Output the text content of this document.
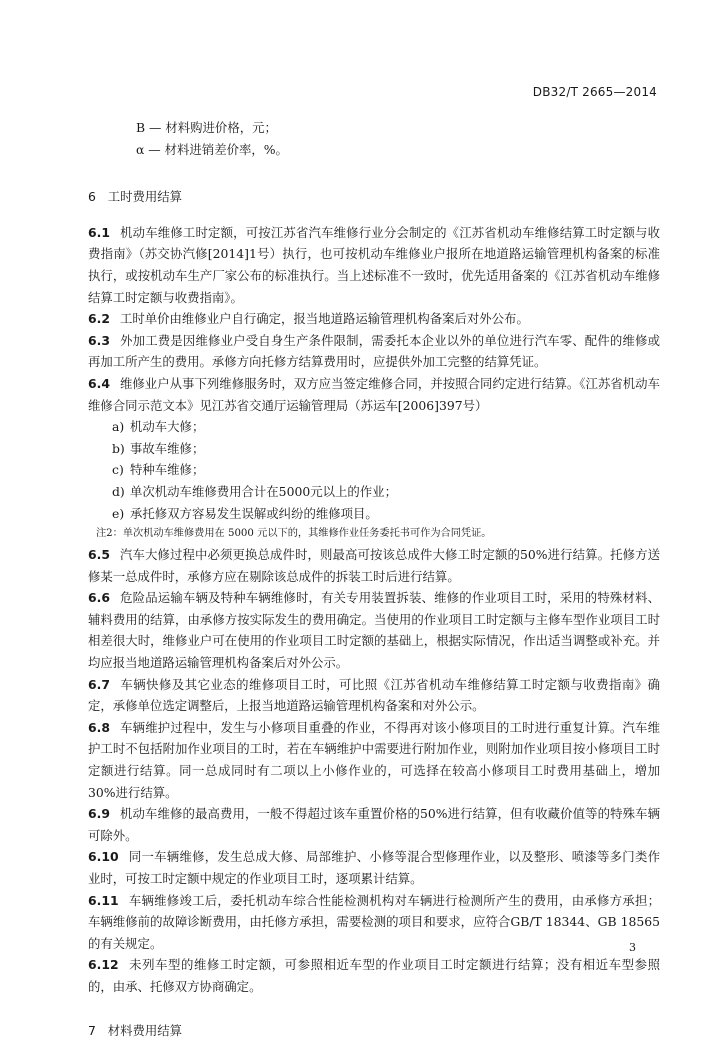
DB32/T 2665—2014

B — 材料购进价格，元；

α — 材料进销差价率，%。

6 工时费用结算

6.1 机动车维修工时定额，可按江苏省汽车维修行业分会制定的《江苏省机动车维修结算工时定额与收费指南》（苏交协汽修[2014]1号）执行，也可按机动车维修业户报所在地道路运输管理机构备案的标准执行，或按机动车生产厂家公布的标准执行。当上述标准不一致时，优先适用备案的《江苏省机动车维修结算工时定额与收费指南》。

6.2 工时单价由维修业户自行确定，报当地道路运输管理机构备案后对外公布。

6.3 外加工费是因维修业户受自身生产条件限制，需委托本企业以外的单位进行汽车零、配件的维修或再加工所产生的费用。承修方向托修方结算费用时，应提供外加工完整的结算凭证。

6.4 维修业户从事下列维修服务时，双方应当签定维修合同，并按照合同约定进行结算。《江苏省机动车维修合同示范文本》见江苏省交通厅运输管理局（苏运车[2006]397号）

a) 机动车大修；

b) 事故车维修；

c) 特种车维修；

d) 单次机动车维修费用合计在5000元以上的作业；

e) 承托修双方容易发生误解或纠纷的维修项目。

注2：单次机动车维修费用在 5000 元以下的，其维修作业任务委托书可作为合同凭证。

6.5 汽车大修过程中必须更换总成件时，则最高可按该总成件大修工时定额的50%进行结算。托修方送修某一总成件时，承修方应在剔除该总成件的拆装工时后进行结算。

6.6 危险品运输车辆及特种车辆维修时，有关专用装置拆装、维修的作业项目工时，采用的特殊材料、辅料费用的结算，由承修方按实际发生的费用确定。当使用的作业项目工时定额与主修车型作业项目工时相差很大时，维修业户可在使用的作业项目工时定额的基础上，根据实际情况，作出适当调整或补充。并均应报当地道路运输管理机构备案后对外公示。

6.7 车辆快修及其它业态的维修项目工时，可比照《江苏省机动车维修结算工时定额与收费指南》确定，承修单位选定调整后，上报当地道路运输管理机构备案和对外公示。

6.8 车辆维护过程中，发生与小修项目重叠的作业，不得再对该小修项目的工时进行重复计算。汽车维护工时不包括附加作业项目的工时，若在车辆维护中需要进行附加作业，则附加作业项目按小修项目工时定额进行结算。同一总成同时有二项以上小修作业的，可选择在较高小修项目工时费用基础上，增加30%进行结算。

6.9 机动车维修的最高费用，一般不得超过该车重置价格的50%进行结算，但有收藏价值等的特殊车辆可除外。

6.10 同一车辆维修，发生总成大修、局部维护、小修等混合型修理作业，以及整形、喷漆等多门类作业时，可按工时定额中规定的作业项目工时，逐项累计结算。

6.11 车辆维修竣工后，委托机动车综合性能检测机构对车辆进行检测所产生的费用，由承修方承担；车辆维修前的故障诊断费用，由托修方承担，需要检测的项目和要求，应符合GB/T 18344、GB 18565的有关规定。

6.12 未列车型的维修工时定额，可参照相近车型的作业项目工时定额进行结算；没有相近车型参照的，由承、托修双方协商确定。

7 材料费用结算

3
